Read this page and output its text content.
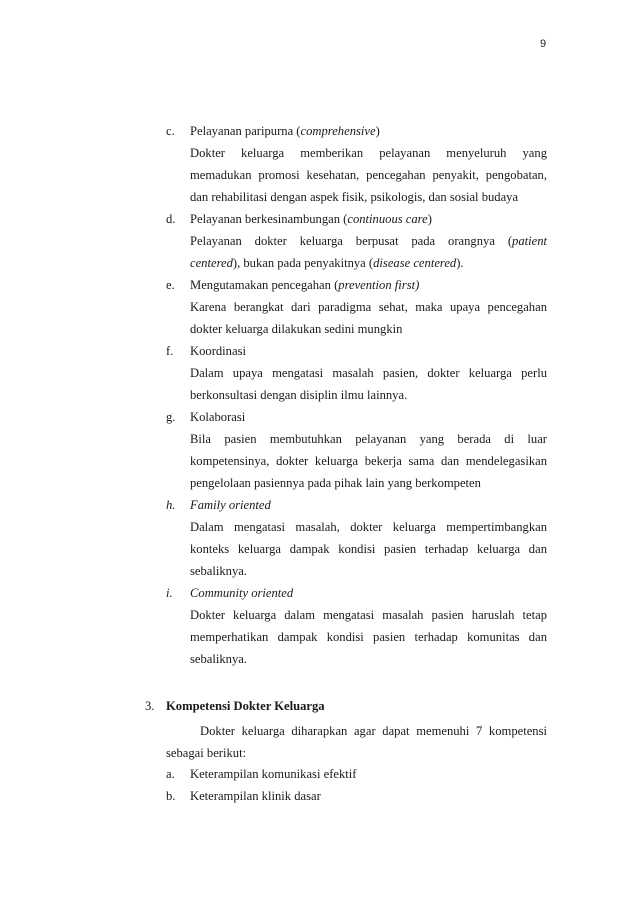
9
c. Pelayanan paripurna (comprehensive)
Dokter keluarga memberikan pelayanan menyeluruh yang
memadukan promosi kesehatan, pencegahan penyakit, pengobatan,
dan rehabilitasi dengan aspek fisik, psikologis, dan sosial budaya
d. Pelayanan berkesinambungan (continuous care)
Pelayanan dokter keluarga berpusat pada orangnya (patient
centered), bukan pada penyakitnya (disease centered).
e. Mengutamakan pencegahan (prevention first)
Karena berangkat dari paradigma sehat, maka upaya pencegahan
dokter keluarga dilakukan sedini mungkin
f. Koordinasi
Dalam upaya mengatasi masalah pasien, dokter keluarga perlu
berkonsultasi dengan disiplin ilmu lainnya.
g. Kolaborasi
Bila pasien membutuhkan pelayanan yang berada di luar
kompetensinya, dokter keluarga bekerja sama dan mendelegasikan
pengelolaan pasiennya pada pihak lain yang berkompeten
h. Family oriented
Dalam mengatasi masalah, dokter keluarga mempertimbangkan
konteks keluarga dampak kondisi pasien terhadap keluarga dan
sebaliknya.
i. Community oriented
Dokter keluarga dalam mengatasi masalah pasien haruslah tetap
memperhatikan dampak kondisi pasien terhadap komunitas dan
sebaliknya.
3. Kompetensi Dokter Keluarga
Dokter keluarga diharapkan agar dapat memenuhi 7 kompetensi
sebagai berikut:
a. Keterampilan komunikasi efektif
b. Keterampilan klinik dasar
